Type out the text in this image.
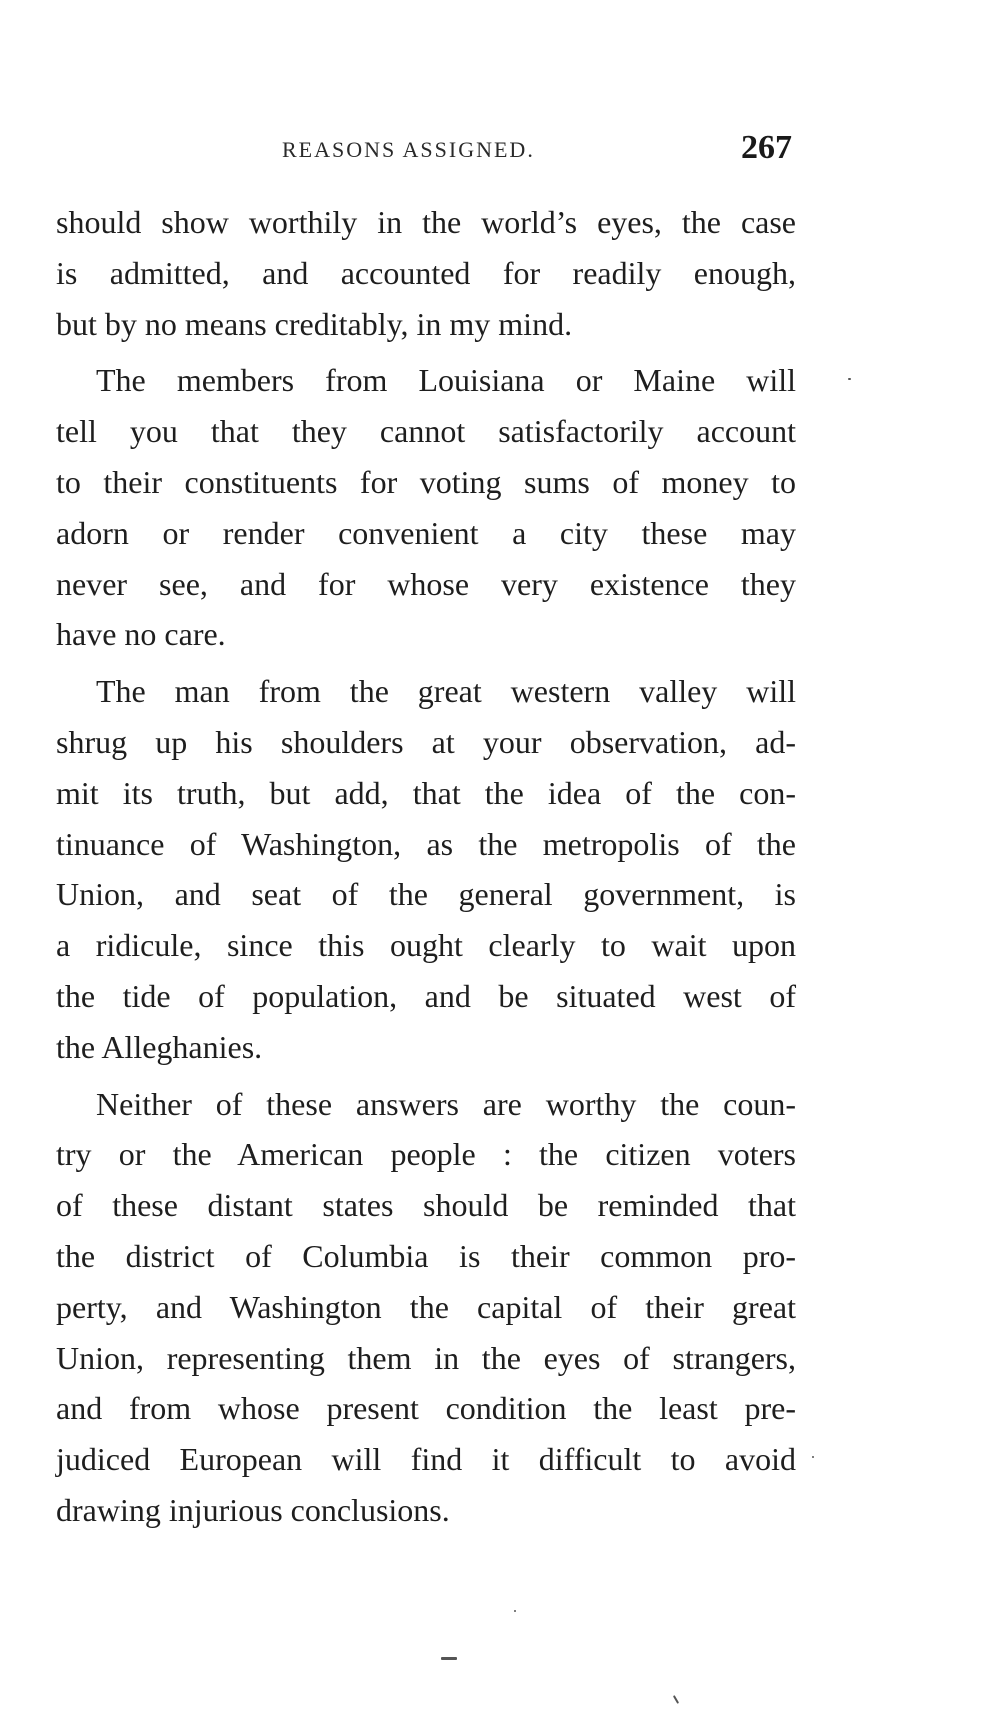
REASONS ASSIGNED.	267
should show worthily in the world’s eyes, the case
is admitted, and accounted for readily enough,
but by no means creditably, in my mind.
The members from Louisiana or Maine will
tell you that they cannot satisfactorily account
to their constituents for voting sums of money to
adorn or render convenient a city these may
never see, and for whose very existence they
have no care.
The man from the great western valley will
shrug up his shoulders at your observation, ad-
mit its truth, but add, that the idea of the con-
tinuance of Washington, as the metropolis of the
Union, and seat of the general government, is
a ridicule, since this ought clearly to wait upon
the tide of population, and be situated west of
the Alleghanies.
Neither of these answers are worthy the coun-
try or the American people : the citizen voters
of these distant states should be reminded that
the district of Columbia is their common pro-
perty, and Washington the capital of their great
Union, representing them in the eyes of strangers,
and from whose present condition the least pre-
judiced European will find it difficult to avoid
drawing injurious conclusions.
